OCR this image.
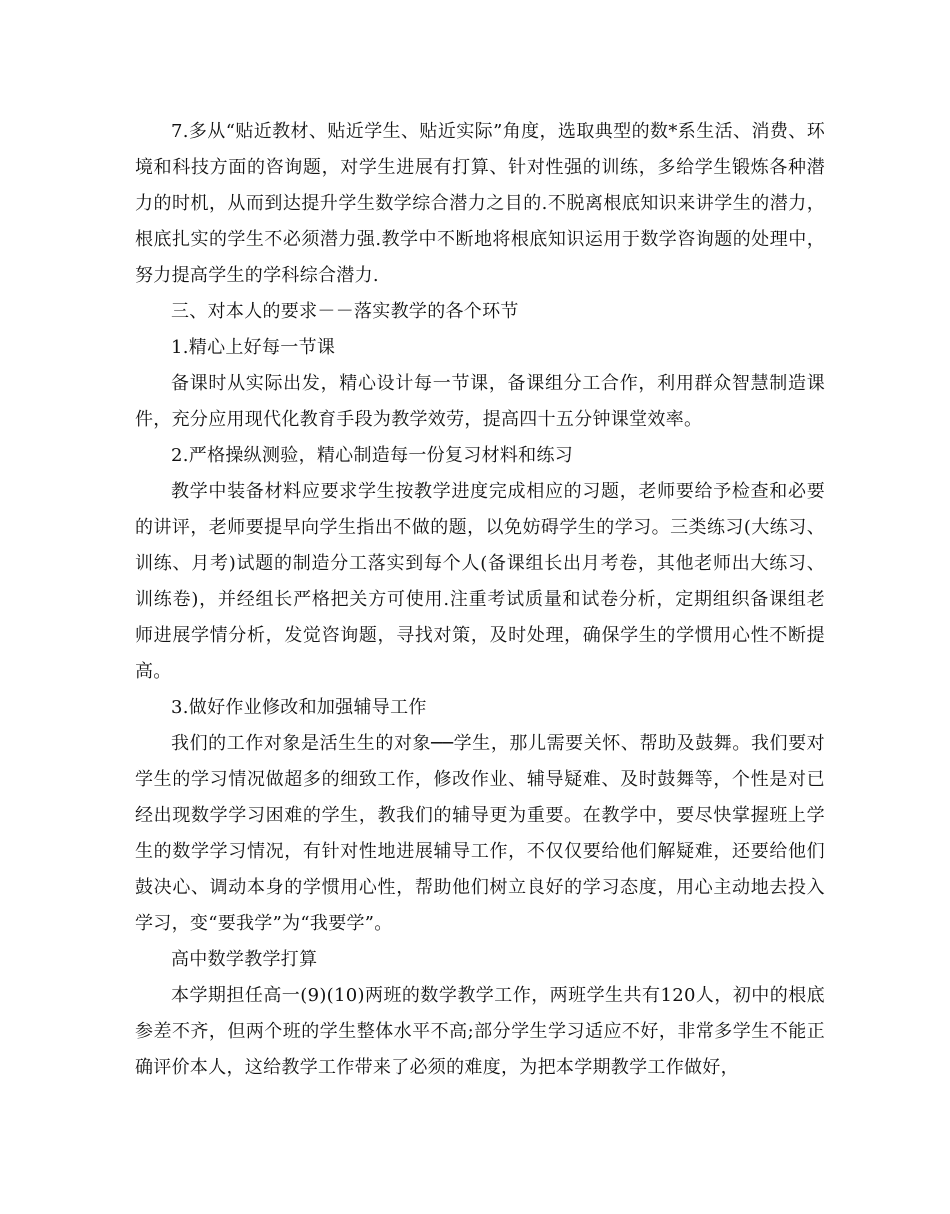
7.多从“贴近教材、贴近学生、贴近实际”角度，选取典型的数*系生活、消费、环境和科技方面的咨询题，对学生进展有打算、针对性强的训练，多给学生锻炼各种潜力的时机，从而到达提升学生数学综合潜力之目的.不脱离根底知识来讲学生的潜力，根底扎实的学生不必须潜力强.教学中不断地将根底知识运用于数学咨询题的处理中，努力提高学生的学科综合潜力.

三、对本人的要求－－落实教学的各个环节

1.精心上好每一节课

备课时从实际出发，精心设计每一节课，备课组分工合作，利用群众智慧制造课件，充分应用现代化教育手段为教学效劳，提高四十五分钟课堂效率。

2.严格操纵测验，精心制造每一份复习材料和练习

教学中装备材料应要求学生按教学进度完成相应的习题，老师要给予检查和必要的讲评，老师要提早向学生指出不做的题，以免妨碍学生的学习。三类练习(大练习、训练、月考)试题的制造分工落实到每个人(备课组长出月考卷，其他老师出大练习、训练卷)，并经组长严格把关方可使用.注重考试质量和试卷分析，定期组织备课组老师进展学情分析，发觉咨询题，寻找对策，及时处理，确保学生的学惯用心性不断提高。

3.做好作业修改和加强辅导工作

我们的工作对象是活生生的对象──学生，那儿需要关怀、帮助及鼓舞。我们要对学生的学习情况做超多的细致工作，修改作业、辅导疑难、及时鼓舞等，个性是对已经出现数学学习困难的学生，教我们的辅导更为重要。在教学中，要尽快掌握班上学生的数学学习情况，有针对性地进展辅导工作，不仅仅要给他们解疑难，还要给他们鼓决心、调动本身的学惯用心性，帮助他们树立良好的学习态度，用心主动地去投入学习，变“要我学”为“我要学”。

高中数学教学打算

本学期担任高一(9)(10)两班的数学教学工作，两班学生共有120人，初中的根底参差不齐，但两个班的学生整体水平不高;部分学生学习适应不好，非常多学生不能正确评价本人，这给教学工作带来了必须的难度，为把本学期教学工作做好，
